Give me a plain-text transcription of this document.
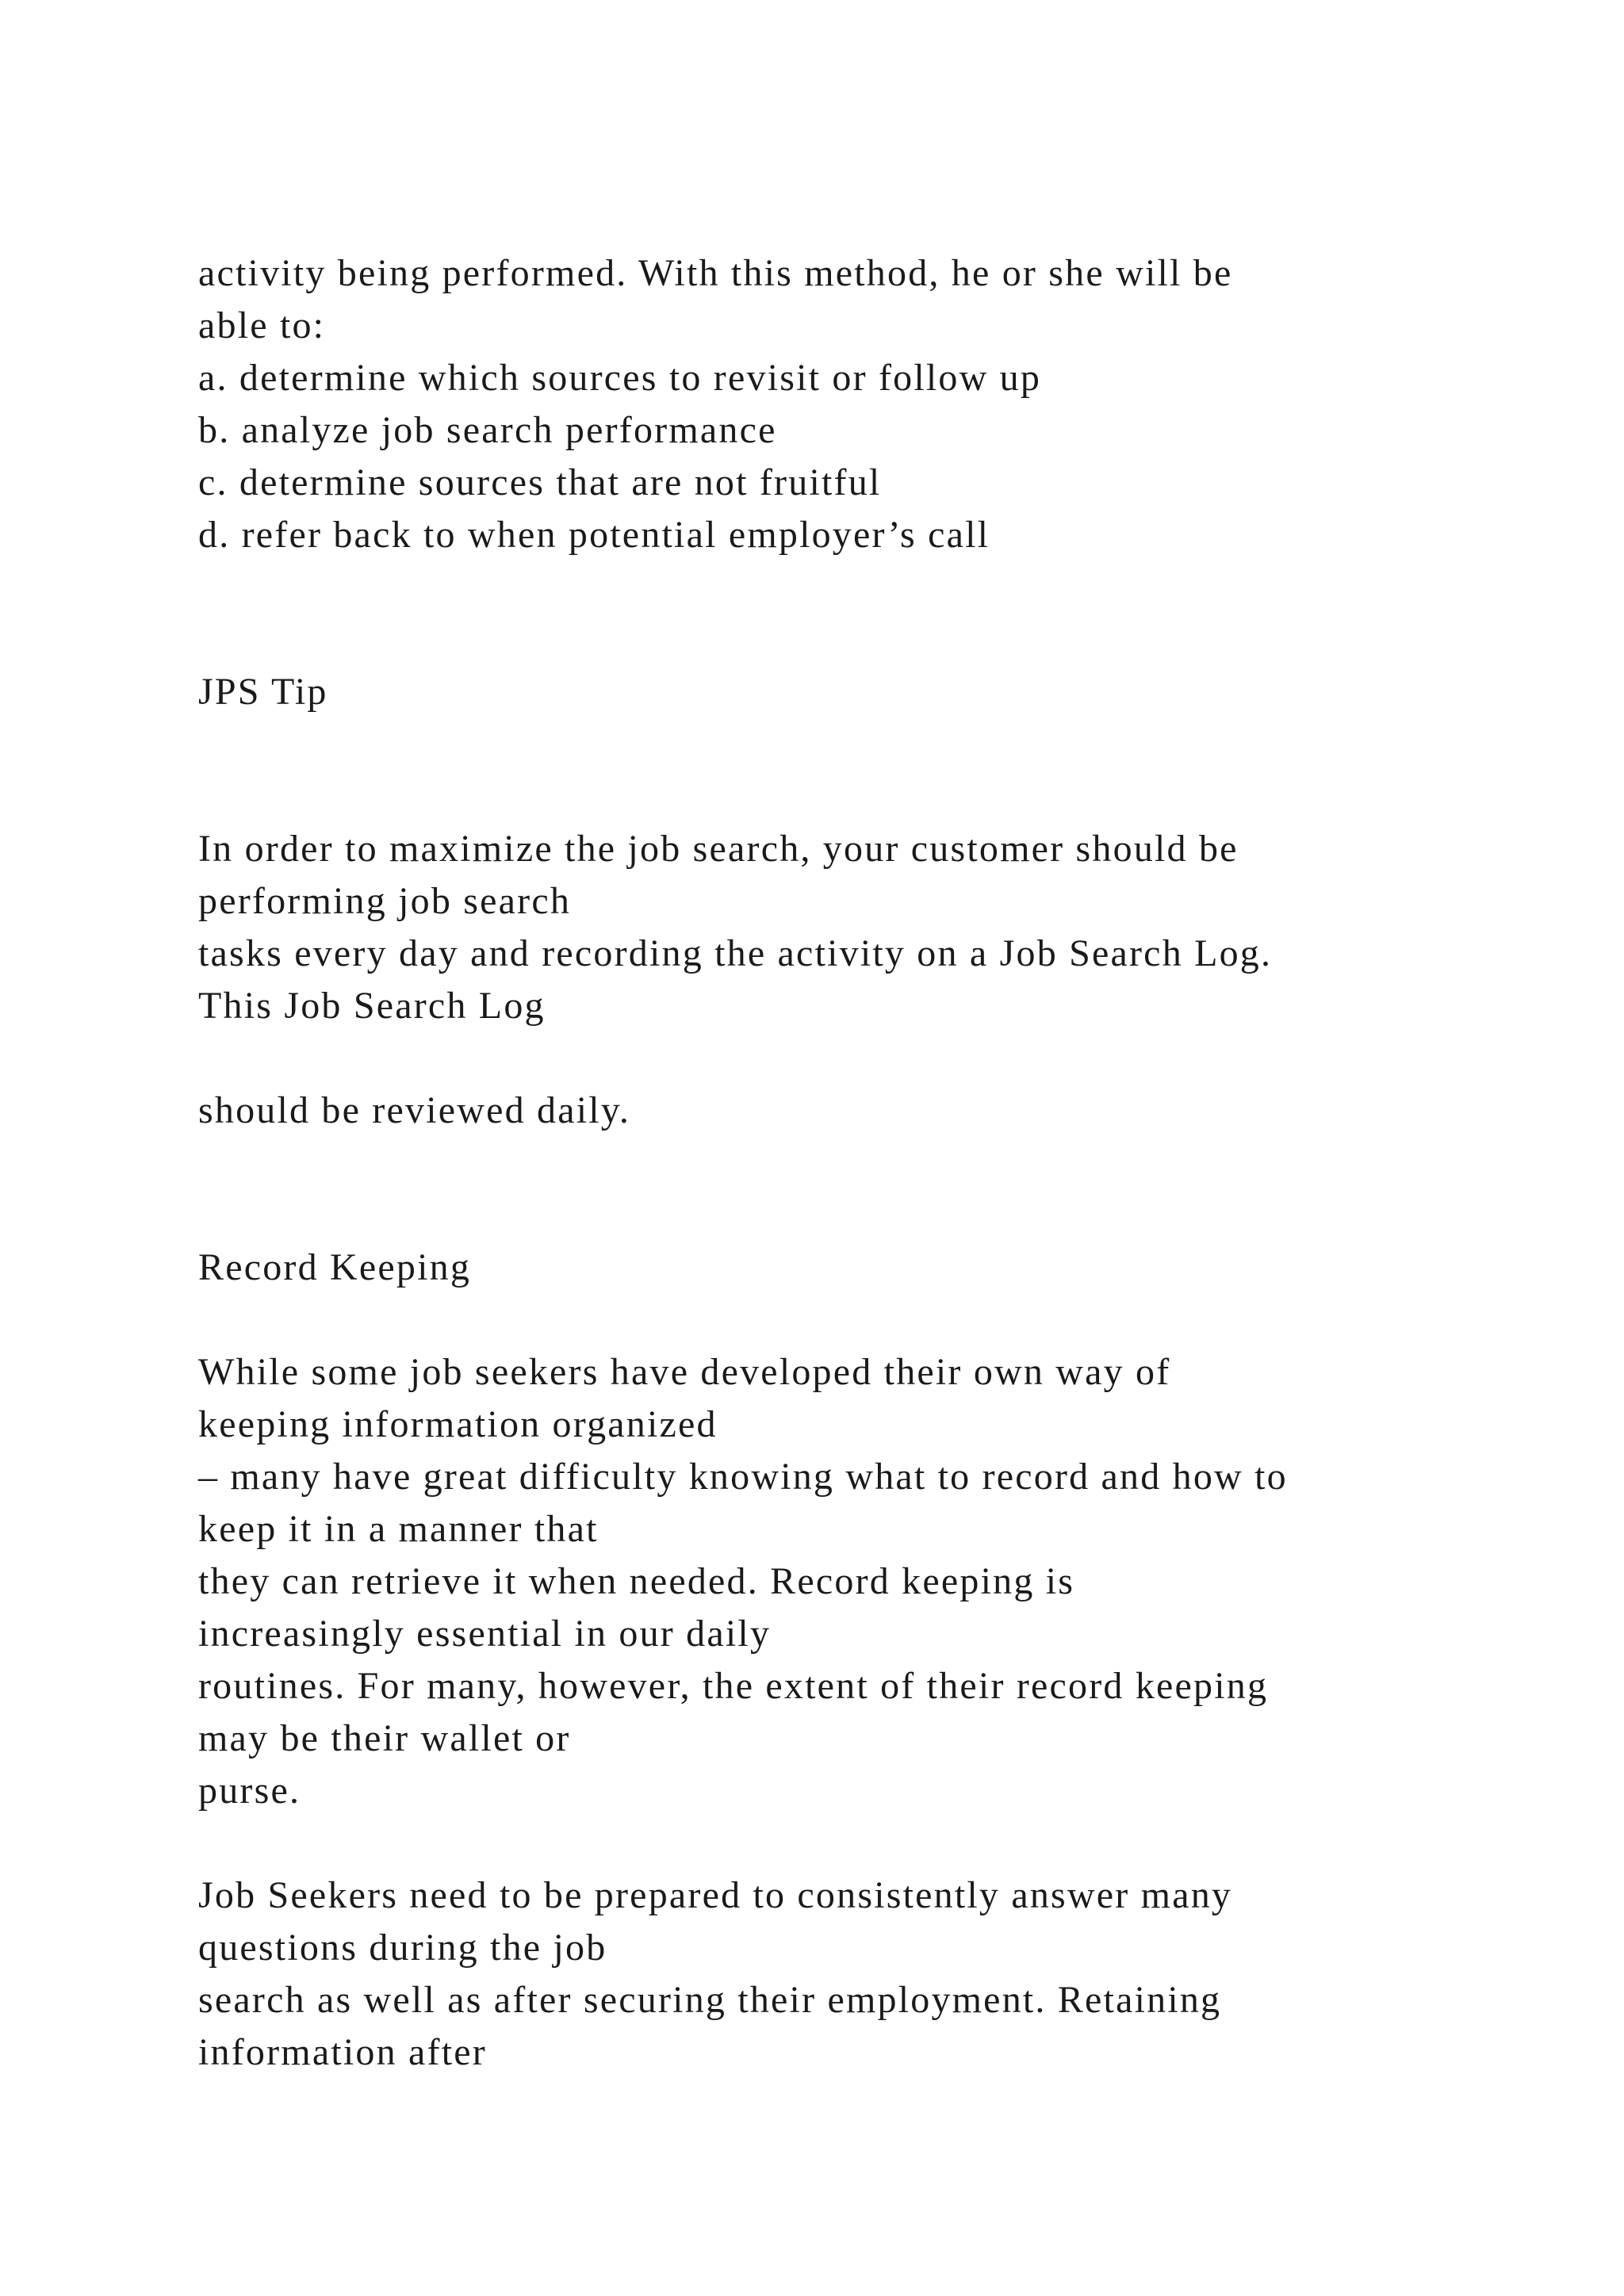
activity being performed. With this method, he or she will be
able to:
a. determine which sources to revisit or follow up
b. analyze job search performance
c. determine sources that are not fruitful
d. refer back to when potential employer’s call
JPS Tip
In order to maximize the job search, your customer should be
performing job search
tasks every day and recording the activity on a Job Search Log.
This Job Search Log
should be reviewed daily.
Record Keeping
While some job seekers have developed their own way of
keeping information organized
– many have great difficulty knowing what to record and how to
keep it in a manner that
they can retrieve it when needed. Record keeping is
increasingly essential in our daily
routines. For many, however, the extent of their record keeping
may be their wallet or
purse.
Job Seekers need to be prepared to consistently answer many
questions during the job
search as well as after securing their employment. Retaining
information after
